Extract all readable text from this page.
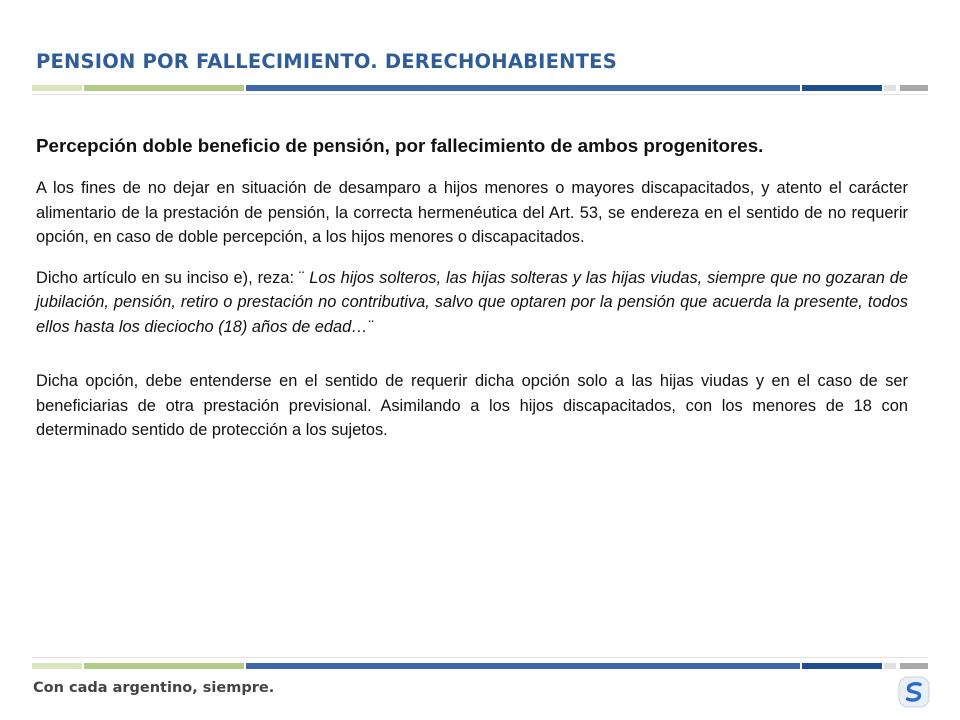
PENSION POR FALLECIMIENTO. DERECHOHABIENTES

Percepción doble beneficio de pensión, por fallecimiento de ambos progenitores.

A los fines de no dejar en situación de desamparo a hijos menores o mayores discapacitados, y atento el carácter alimentario de la prestación de pensión, la correcta hermenéutica del Art. 53, se endereza en el sentido de no requerir opción, en caso de doble percepción, a los hijos menores o discapacitados.

Dicho artículo en su inciso e), reza: ¨ Los hijos solteros, las hijas solteras y las hijas viudas, siempre que no gozaran de jubilación, pensión, retiro o prestación no contributiva, salvo que optaren por la pensión que acuerda la presente, todos ellos hasta los dieciocho (18) años de edad…¨

Dicha opción, debe entenderse en el sentido de requerir dicha opción solo a las hijas viudas y en el caso de ser beneficiarias de otra prestación previsional. Asimilando a los hijos discapacitados, con los menores de 18 con determinado sentido de protección a los sujetos.

Con cada argentino, siempre.
